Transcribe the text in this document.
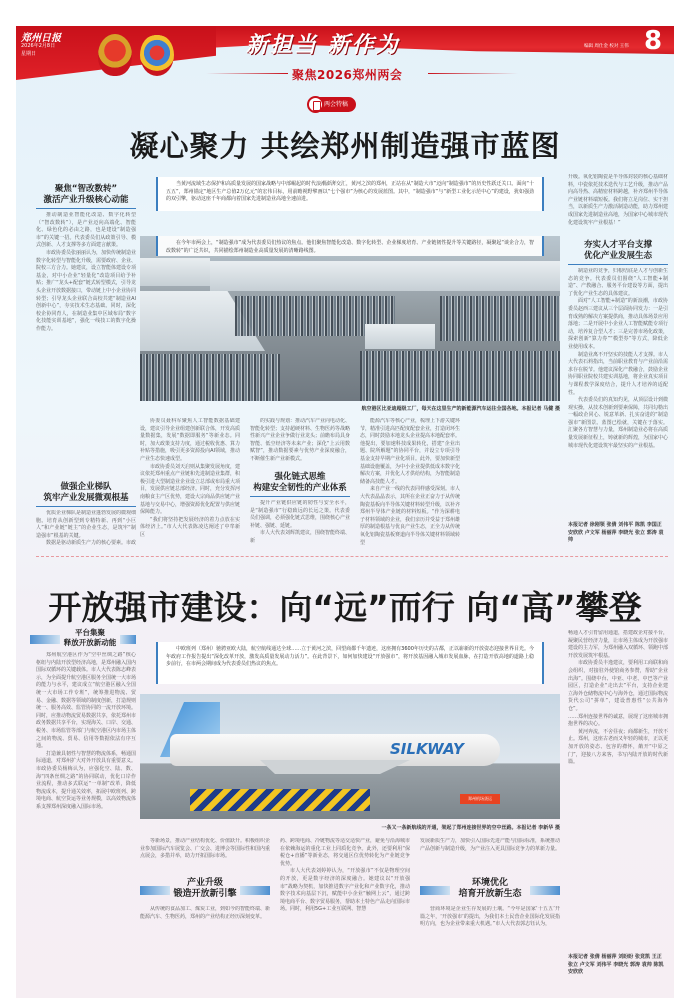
郑州日报
2026年2月8日
星期日	新担当 新作为
聚焦2026郑州两会
编辑 周仕金 校对 王伟 8
两会特稿
凝心聚力 共绘郑州制造强市蓝图
聚焦“智改数转”
激活产业升级核心动能

推动制造业智能化改造、数字化转型（“智改数转”），是产业迈向高端化、智能化、绿色化的必由之路，也是建设“制造强市”的关键一招。代表委员们从政策引导、模式创新、人才支撑等多方面建言献策。

市政协委员张丽丽认为，加快传统制造业数字化转型与智能化升级，需要政府、企业、院校三方合力。她建议，设立智能体建设专项基金，对中小企业“轻量化”改造项目给予补贴；推广“龙头+配套”链式转型模式，引导龙头企业开放数据接口，带动链上中小企业协同转型；引导龙头企业联合高校共建“制造业AI创新中心”，夯实技术生态基础。同时，深化校企协同育人，在制造业集中区域布局“数字化技能实训基地”，强化一线技工的数字化操作能力。

做强企业梯队
筑牢产业发展微观根基

优质企业梯队是制造业蓬勃发展的微观细胞。培育从创新型到专精特新、再到“小巨人”和产业链“链主”的企业生态，是筑牢“制造强市”根基的关键。

数据是驱动新质生产力的核心要素。市政

当黄河流域生态保护和高质量发展的国家战略与中部崛起的时代浪潮澎湃交汇，黄河之滨的郑州，正站在从“制造大市”迈向“制造强市”的历史性跃迁关口。面向“十五五”，郑州锚定“地区生产总值2万亿元”的宏伟目标，用前瞻视野擘画以“七个强市”为核心的发展蓝图。其中，“制造强市”与“新型工业化示范中心”的建设，犹如强劲的双引擎，驱动这座千年商都向着国家先进制造业高地全速前进。

在今年市两会上，“制造强市”成为代表委员们热议的焦点。他们聚焦智能化改造、数字化转型、企业梯度培育、产业链韧性提升等关键路径，凝聚起“谈企合力，智改数转”的广泛共识，共同描绘郑州制造业高质量发展的清晰路线图。

航空港区比亚迪超级工厂，每天在这里生产的新能源汽车运往全国各地。本报记者 马健 摄

协委员聂科军聚焦人工智能数据基础建设，建议引导企业组建创新联合体，开发高质量数据集，发展“数据即服务”等新业态。同时，加大政策支持力度，通过税收优惠、算力补贴等措施，吸引更多资源投向AI领域，推动产业生态快速成型。

市政协委员刘天启则从集聚发展角度，建议依托郑州重点产业链和先进制造业集群，积极引进大型制造业企业设立总部或布局重大项目，发展供应链总部经济。同时，充分发挥河南粮食主产区优势，建设大宗商品供应链产业基地与交易中心，增强资源优化配置与供应链保障能力。

“我们将坚持把发展经济的着力点放在实体经济上。”市人大代表陈凌达阐述了中牟新区

的实践与规划：推动汽车产业向电动化、智能化转型；支持超硬材料、生物医药等战略性新兴产业企业争做行业龙头；前瞻布局具身智能、低空经济等未来产业；深化“上云用数赋智”，推动数据要素与优势产业深度融合，不断催生新产业新模式。

强化链式思维
构建安全韧性的产业体系

提升产业链供应链的韧性与安全水平，是“制造强市”行稳致远的长远之策。代表委员们强调，必须强化链式思维，围绕核心产业补链、强链、延链。

市人大代表刘辉凯建议，围绕智能终端、新

能源汽车等核心产业，梳理上下游关键环节，精准引进高匹配度配套企业，打造闭环生态，同时鼓励本地龙头企业提高本地配套率。他提出，要加速科技成果转化，搭建“企业出题、院所解题”的协同平台，并设立专项引导基金支持早期产业化项目。此外，要加快新型基础设施覆盖，为中小企业提供低成本数字化解决方案，并优化人才供给结构，为智能制造储备高技能人才。

来自产业一线的代表同样感受深刻。市人大代表晶晶表示，其所在企业正奋力于从传统陶瓷基板向半导体关键材料转型升级，以补齐郑州半导体产业链的材料短板。“作为深耕电子材料领域的企业，我们亲历并受益于郑州雄厚的制造根基与优良产业生态，正全力从传统氧化铝陶瓷基板赛道向半导体关键材料领域转型

升级。氧化铝陶瓷是半导体封装的核心基础材料，中瓷依托技术迭代与工艺升级，推动产品向高导热、高精密材料跨越，补齐郑州半导体产业链材料端短板。我们将立足岗位、实干担当，以新质生产力激活制造动能，助力郑州建成国家先进制造业高地，为国家中心城市现代化建设筑牢产业根基！”

夯实人才平台支撑
优化产业发展生态

制造业的竞争，归根结底是人才与创新生态的竞争。代表委员们围绕“人工智能+制造”、产教融合、服务平台建设等方面，提出了优化产业生态的具体建议。

面对“人工智能+制造”的新浪潮，市政协委员赵西三建议从三个层面协同发力：一是引育成熟的解决方案提供商，推动具体场景应用落地；二是开展中小企业人工智能赋能专项行动，培养复合型人才；三是完善市场化政策，探索创新“算力券”“模型券”等方式，降低企业使用成本。

制造业离不开坚实的技能人才支撑。市人大代表石莉指出，当前职业教育与产业前沿需求存在脱节。他建议深化产教融合，鼓励企业协同职业院校共建实训基地，将企业真实项目与课程教学深度结合，提升人才培养的适配性。

代表委员们的真知灼见，从顶层设计到微观实操，从技术创新到要素保障，共同勾勒出一幅政企同心、锐意革新、扎实奋进的“制造强市”新图景。蓝图已绘就，关键在于落实。汇聚各方智慧与力量，郑州制造业必将在高质量发展新征程上，铸就新的辉煌，为国家中心城市现代化建设筑牢最坚实的产业根基。

本报记者 徐刚领 张倩 刘伟平 陈凯 李国正 安欣欣 卢文军 杨丽萍 李晓光 张立 郭涛 袁帅
开放强市建设：向“远”而行 向“高”攀登
平台集聚
释放开放新动能

郑州航空港区作为“空中丝绸之路”核心枢纽与内陆开放型经济高地，是郑州融入国内国际双循环的关键载体。市人大代表陈志峰表示，为全面提升航空港区服务全国统一大市场的能力与水平，建议成立“航空港区融入全国统一大市场工作专班”，统筹推进物流、贸易、金融、数据等领域的制度创新，打造规则统一、服务高效、监管协同的一流开放环境。同时，应推动物流贸易数据共享，依托郑州市政务数据共享平台，实现海关、口岸、交通、税务、市场监管等部门与航空港区内市场主体之间的物流、贸易、信用等数据依法有序互通。

打造兼具韧性与智慧的物流体系，畅通国际通道，对郑州扩大对外开放具有重要意义。市政协委员杨梅认为，应强化空、陆、数、海“四条丝绸之路”的协同联动，优化口岸作业流程，推动多式联运“一单制”改革，降低物流成本，提升通关效率，拓展中欧班列、跨境电商、航空货运等业务规模，以高效物流体系支撑郑州深度融入国际市场。

中欧班列（郑州）驰骋亚欧大陆，航空航线通达全球……立于黄河之滨，回望商都千年遗迹，这座拥有3600年历史的古都，正以崭新的开放姿态迎接世界目光。今年政府工作报告提出“深化改革开放，激发高质量发展动力活力”。在此背景下，如何加快建设“开放强市”，将开放基因融入城市发展血脉，在打造开放高地的道路上稳步前行，在市两会期间成为代表委员们热议的焦点。

SILKWAY
郑州机场货运
一条又一条新航线的开通，架起了郑州连接世界的空中丝路。本报记者 李新华 摄

等新场景，推动产业结构优化、价值跃升。积极组织企业参加国际汽车展览会、广交会、进博会等国际性和国内重点展会，多措并举，助力开拓国际市场。

产业升级
锻造开放新引擎

从传统的食品加工、煤炭工业，到如今的智能终端、新能源汽车、生物医药，郑州的产业结构正经历深刻变革。

药、跨境电商、冷链物流等适交适快产业，避免与沿海城市在依赖海运的重化工业上同质化竞争。此外，还要利用“保税仓+直播”等新业态，将交通区位优势转化为产业链竞争优势。

市人大代表刘婷婷认为，“开放强市”不仅是物理空间的开放，更是数字经济的深度融合。她建议以“开放强市”战略为契机，加快推进数字产业化和产业数字化，推动数字技术向基层下沉，赋能中小企业“触网上云”，通过跨境电商平台、数字贸易服务，帮助本土特色产品走向国际市场。同时，利用5G+工业互联网、智慧

发展新质生产力，加快引入国际先进产能与国际标准，系统推动产品创新与制造升级，为产业注入更具国际竞争力的革新力量。

环境优化
培育开放新生态

营商环境是企业生存发展的土壤。“今年是国家‘十五五’开篇之年，‘开放强市’的提出，为我们本土民营企业国际化发展指明方向，也为企业带来重大机遇。”市人大代表郭志钰认为，

畅通人才引育留用通道，搭建政企对接平台，凝聚民营经济力量，让市场主体成为开放强市建设的主力军，为郑州融入双循环、领跑中部开放发展筑牢根基。

市政协委员丰逸建议，要利用工商联和商会组织，对接驻外使馆商务参赞，帮助“企业出海”。围绕中台、中亚、中老、中巴等产业园区，打造企业“走出去”平台，支持企业建立海外仓储物流中心与海外仓，通过国际物流货代公司“拼单”，建设普惠性“公共海外仓”。

……郑州连接世界的诚意，展现了这座城市拥抱世界的决心。

黄河奔流，不舍昼夜；商都新生，开放不止。郑州，这座古老而又年轻的城市，正以更加开放的姿态、包容的襟怀，敞开“中原之门”，迎接八方来客，书写内陆开放的时代新篇。

本报记者 张倩 杨丽萍 刘盼盼 张竞凯 王正 张立 卢文军 刘伟平 李晓光 郭涛 袁帅 陈凯 安欣欣
